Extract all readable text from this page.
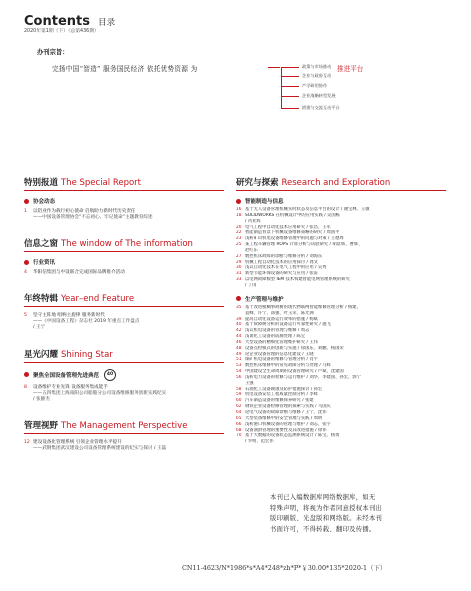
Contents 目录
2020年第1期（下）（总第436期）
办刊宗旨：
完扬中国“智造” 服务国民经济 依托优势资源 为	推进平台
政策与市场推动
企业与政府互动
产学研用协作
企业战略转型发展
搭建与交流互动平台
特别报道 The Special Report
协会动态
1	以铝业作为载行初心使命 启航助力新时代历史责任
——中国设备管理协会“不忘初心、牢记使命”主题教育综述
信息之窗 The window of The information
行业资讯
4	华阳信集团与中设联合完成国际品牌推介活动
年终特辑 Year–end Feature
5	坚守主阵地 唱响主旋律 服务新时代
——《中国设备工程》杂志社 2019 年重点工作盘点
/ 王宁
星光闪耀 Shining Star
聚焦全国设备管理先进典范	40
8	设备维护专业先锋 设备服务集成能手
——五四集团上海南阳公司船舶分公司设备维修服务创新实践纪实
/ 张静杰
管理视野 The Management Perspective
12 建设设备化管理系统 引领企业管理水平提升
——武钢集团武汉建设公司设备管理系统建设的纪实与探讨 / 王磊
研究与探索 Research and Exploration
智能制造与信息
16 基于无人设备管理机械实时状态及信息平台的设计 / 谢宝林、王敏
18 SOLIDWORKS 在机械设计中的应用实践 / 吴国栋
/ 芮亚辉
20 电气工程中自动化技术应用研究 / 张昌、王军
22 智能制造背景下机械设备维修策略的研究 / 周国平
23 浅析矿山机电设备维修管理中的问题与对策 / 王德周
25 某工程车辆管理 ROPS 计算分析与试验研究 / 胡景辉、曹辉、
赵红东
27 数控机床故障的诊断与维修分析 / 刘海东
29 机械工程自动化技术的应用探讨 / 龚文
30 浅议自动化技术在电气工程中的应用 / 吴秀
31 新型节能环保设备的研究与应用 / 张雷
33 以电网故障模型 IEM 技术构建智能电网管理系统的研究
/ 丁闰
生产管理与维护
35 基于改进模糊事故树的现代物联网智能维修管理分析 / 杨建、
袁峰、许宁、郑强、叶玉荣、陈光洲
39 提高自动化设备运行效率的措施 / 杨斌
40 基于故障树分析的设备运行可靠性研究 / 施飞
42 浅议机电设备的管理与维修 / 周志
44 浅谈化工设备的防腐处理 / 陈宝
46 大型设备的精细化管理维护研究 / 王伟
48 设备点检模式的创新与实施 / 徐国东、刘鹏、杨国荣
49 论企业设备管理的信息化建设 / 王晓
51 煤矿机电设备的维修与管理分析 / 肖宇
53 数控机床维修中的常见故障分析与处理 / 马辉
54 中国建设全生命周期的设备管理研究 / 卢斌、沈建国
56 浅析电力设备的检修与运行维护 / 刘华、李建国、孙宏、郭宁
王强
58 石油化工设备腐蚀及防护措施探讨 / 孙宏
59 机电设备安装工程质量控制分析 / 李辉
60 汽车制造设备的维修保养研究 / 张建
62 钢铁企业设备检修管理的探索与实践 / 马国庆
64 论电气设备的故障诊断与维修 / 王宁、沈伟
65 大型装备维修中的安全管理与实践 / 周明
66 浅析港口机械设备的管理与维护 / 刘志、张宇
68 设备润滑管理的重要性及其改进措施 / 徐伟
70 基于大数据的设备状态监测系统设计 / 陈宝、杨勇
/ 罗明、范宏伟
本刊已入编数据库网络数据库，如无
特殊声明，将视为作者同意授权本刊出
版印刷版、光盘版和网络版。未经本刊
书面许可，不得转载、翻印及传播。
CN11-4623/N*1986*s*A4*248*zh*P*￥30.00*135*2020-1（下）
